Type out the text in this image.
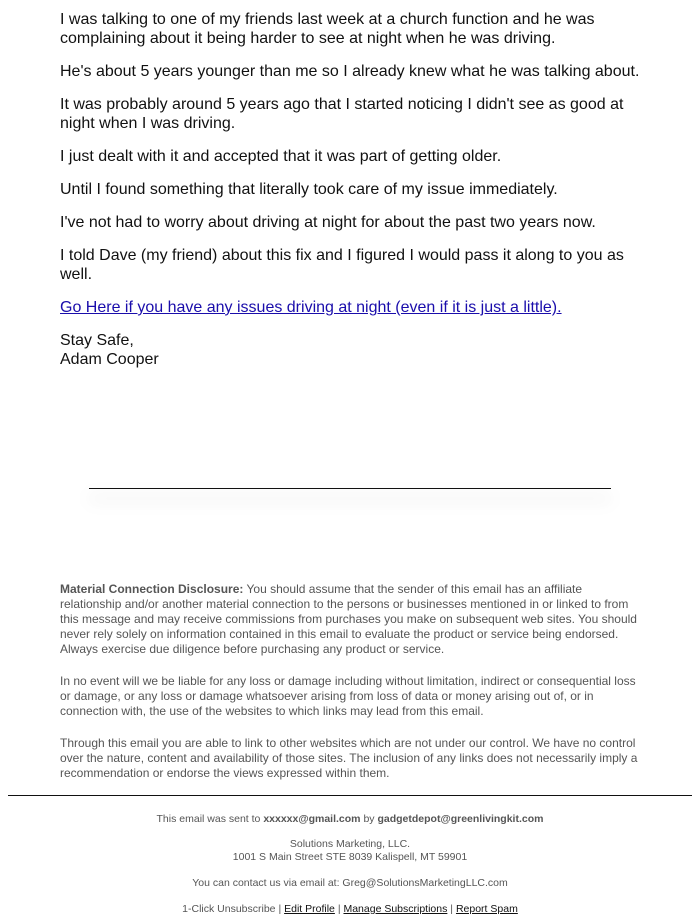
I was talking to one of my friends last week at a church function and he was complaining about it being harder to see at night when he was driving.

He's about 5 years younger than me so I already knew what he was talking about.

It was probably around 5 years ago that I started noticing I didn't see as good at night when I was driving.

I just dealt with it and accepted that it was part of getting older.

Until I found something that literally took care of my issue immediately.

I've not had to worry about driving at night for about the past two years now.

I told Dave (my friend) about this fix and I figured I would pass it along to you as well.

Go Here if you have any issues driving at night (even if it is just a little).

Stay Safe,
Adam Cooper

Material Connection Disclosure: You should assume that the sender of this email has an affiliate relationship and/or another material connection to the persons or businesses mentioned in or linked to from this message and may receive commissions from purchases you make on subsequent web sites. You should never rely solely on information contained in this email to evaluate the product or service being endorsed. Always exercise due diligence before purchasing any product or service.

In no event will we be liable for any loss or damage including without limitation, indirect or consequential loss or damage, or any loss or damage whatsoever arising from loss of data or money arising out of, or in connection with, the use of the websites to which links may lead from this email.

Through this email you are able to link to other websites which are not under our control. We have no control over the nature, content and availability of those sites. The inclusion of any links does not necessarily imply a recommendation or endorse the views expressed within them.

This email was sent to xxxxxx@gmail.com by gadgetdepot@greenlivingkit.com

Solutions Marketing, LLC.

1001 S Main Street STE 8039 Kalispell, MT 59901

You can contact us via email at: Greg@SolutionsMarketingLLC.com

1-Click Unsubscribe | Edit Profile | Manage Subscriptions | Report Spam
